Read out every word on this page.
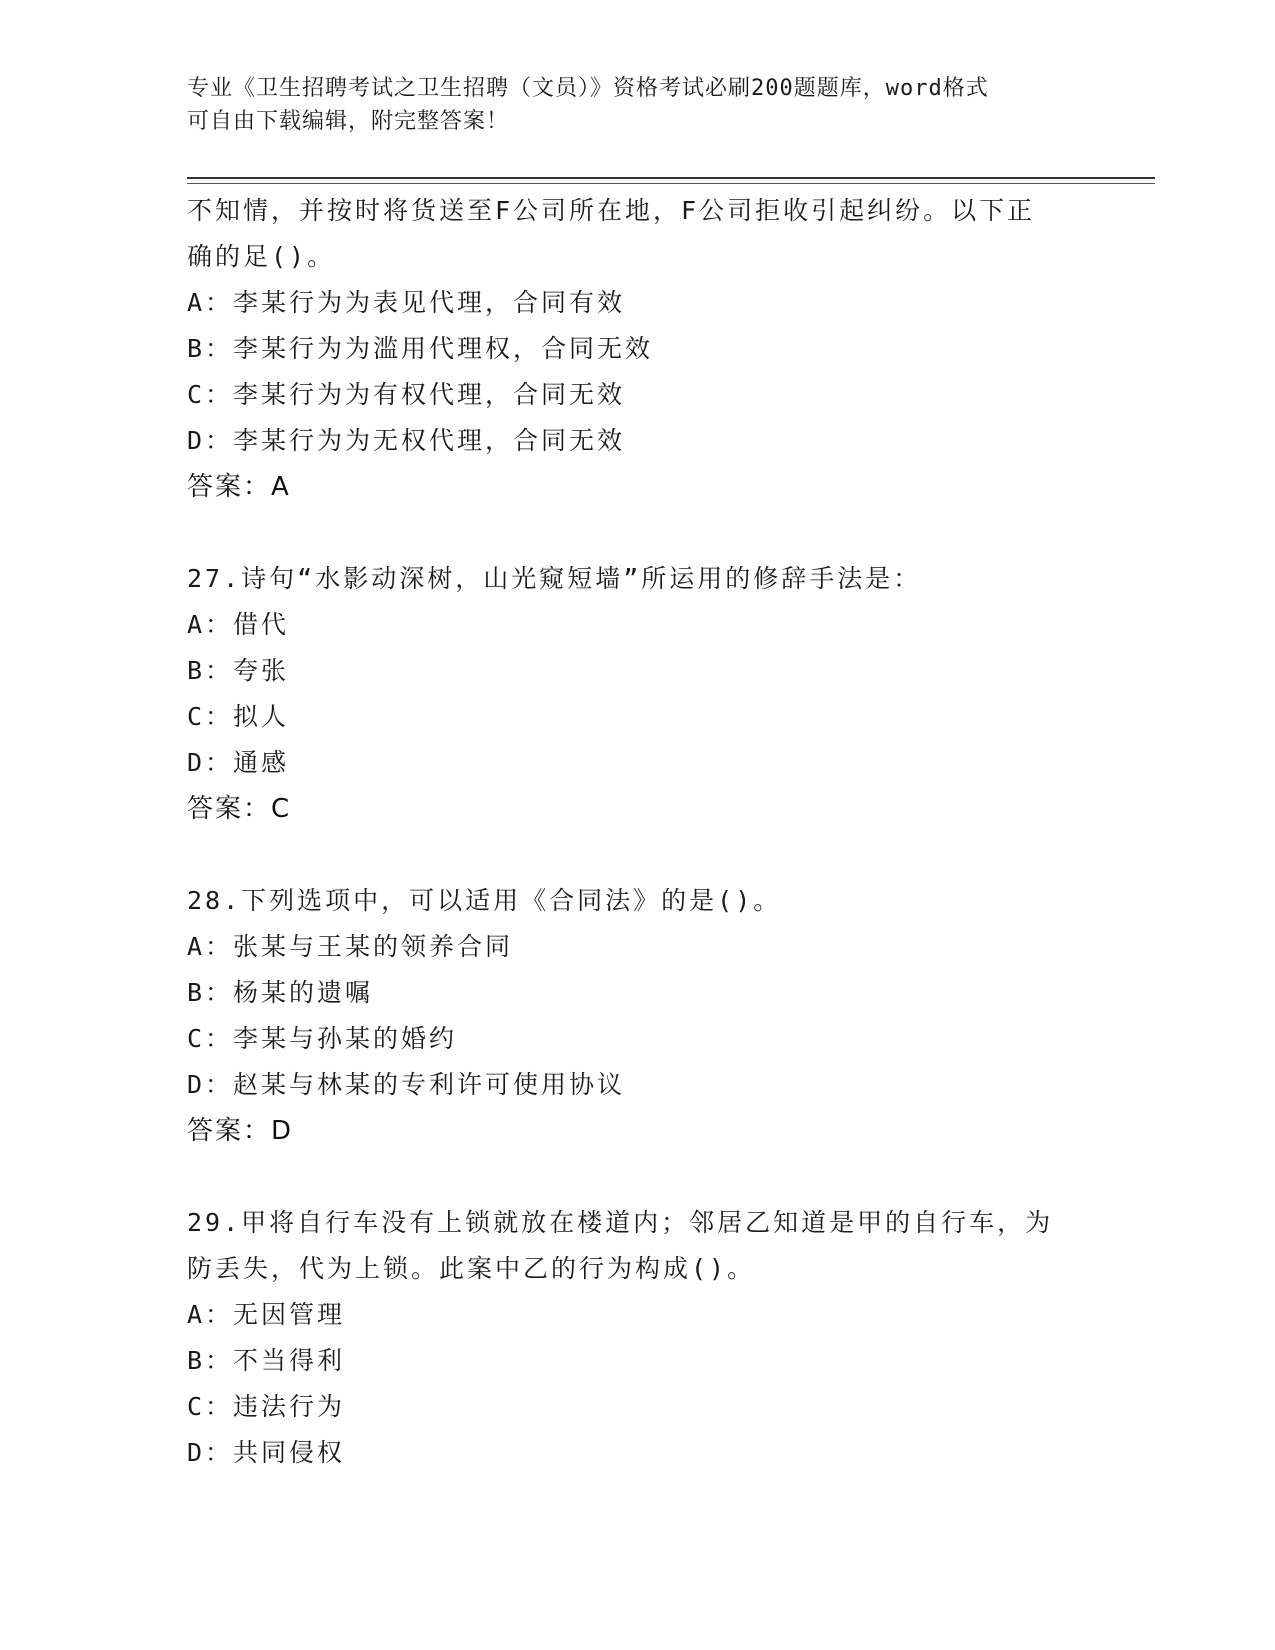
专业《卫生招聘考试之卫生招聘（文员）》资格考试必刷200题题库，word格式
可自由下载编辑，附完整答案！
不知情，并按时将货送至F公司所在地，F公司拒收引起纠纷。以下正
确的足()。
A：李某行为为表见代理，合同有效
B：李某行为为滥用代理权，合同无效
C：李某行为为有权代理，合同无效
D：李某行为为无权代理，合同无效
答案：A
27.诗句“水影动深树，山光窥短墙”所运用的修辞手法是：
A：借代
B：夸张
C：拟人
D：通感
答案：C
28.下列选项中，可以适用《合同法》的是()。
A：张某与王某的领养合同
B：杨某的遗嘱
C：李某与孙某的婚约
D：赵某与林某的专利许可使用协议
答案：D
29.甲将自行车没有上锁就放在楼道内；邻居乙知道是甲的自行车，为
防丢失，代为上锁。此案中乙的行为构成()。
A：无因管理
B：不当得利
C：违法行为
D：共同侵权
